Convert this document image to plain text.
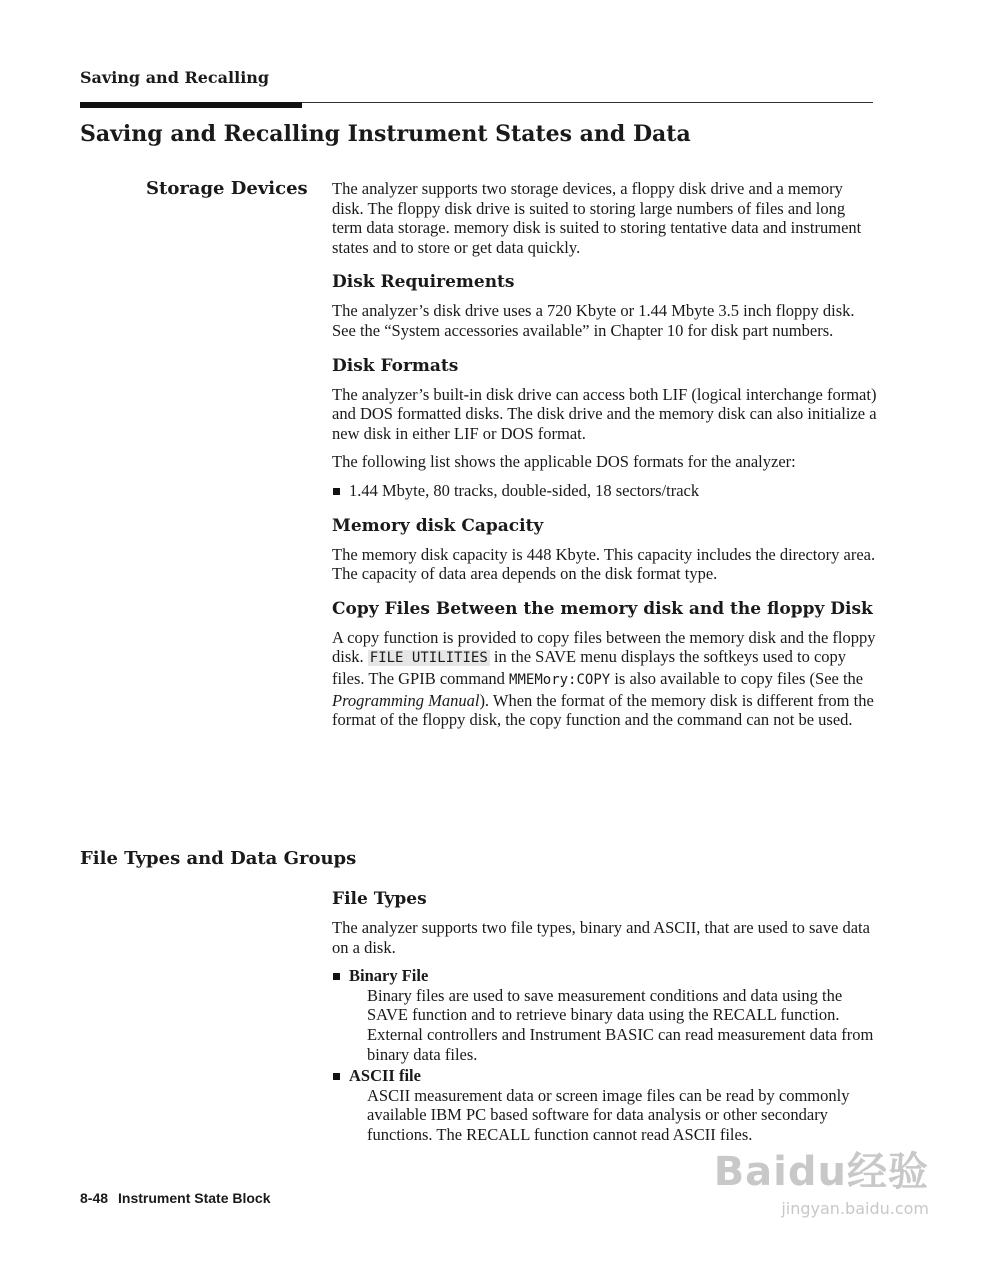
Saving and Recalling
Saving and Recalling Instrument States and Data
Storage Devices The analyzer supports two storage devices, a floppy disk drive and a memory disk. The floppy disk drive is suited to storing large numbers of files and long term data storage. memory disk is suited to storing tentative data and instrument states and to store or get data quickly.

Disk Requirements

The analyzer’s disk drive uses a 720 Kbyte or 1.44 Mbyte 3.5 inch floppy disk. See the “System accessories available” in Chapter 10 for disk part numbers.

Disk Formats

The analyzer’s built-in disk drive can access both LIF (logical interchange format) and DOS formatted disks. The disk drive and the memory disk can also initialize a new disk in either LIF or DOS format.

The following list shows the applicable DOS formats for the analyzer:

1.44 Mbyte, 80 tracks, double-sided, 18 sectors/track

Memory disk Capacity

The memory disk capacity is 448 Kbyte. This capacity includes the directory area. The capacity of data area depends on the disk format type.

Copy Files Between the memory disk and the floppy Disk

A copy function is provided to copy files between the memory disk and the floppy disk. FILE UTILITIES in the SAVE menu displays the softkeys used to copy files. The GPIB command MMEMory:COPY is also available to copy files (See the Programming Manual). When the format of the memory disk is different from the format of the floppy disk, the copy function and the command can not be used.

File Types and Data Groups
File Types

The analyzer supports two file types, binary and ASCII, that are used to save data on a disk.

Binary File
Binary files are used to save measurement conditions and data using the SAVE function and to retrieve binary data using the RECALL function. External controllers and Instrument BASIC can read measurement data from binary data files.
ASCII file
ASCII measurement data or screen image files can be read by commonly available IBM PC based software for data analysis or other secondary functions. The RECALL function cannot read ASCII files.
8-48 Instrument State Block
Baidu经验
jingyan.baidu.com
